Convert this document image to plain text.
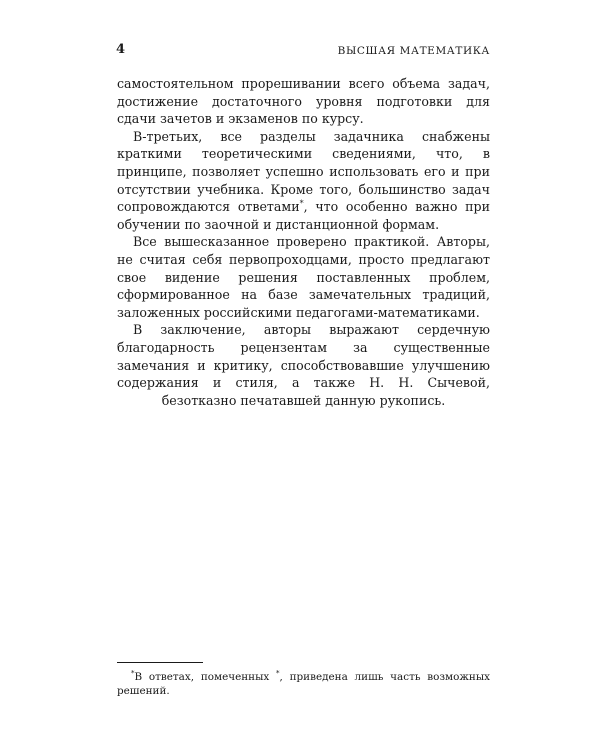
4	ВЫСШАЯ МАТЕМАТИКА

самостоятельном прорешивании всего объема задач, достижение достаточного уровня подготовки для сдачи зачетов и экзаменов по курсу.

В-третьих, все разделы задачника снабжены краткими теоретическими сведениями, что, в принципе, позволяет успешно использовать его и при отсутствии учебника. Кроме того, большинство задач сопровождаются ответами*, что особенно важно при обучении по заочной и дистанционной формам.

Все вышесказанное проверено практикой. Авторы, не считая себя первопроходцами, просто предлагают свое видение решения поставленных проблем, сформированное на базе замечательных традиций, заложенных российскими педагогами-математиками.

В заключение, авторы выражают сердечную благодарность рецензентам за существенные замечания и критику, способствовавшие улучшению содержания и стиля, а также Н. Н. Сычевой, безотказно печатавшей данную рукопись.

*В ответах, помеченных *, приведена лишь часть возможных решений.
